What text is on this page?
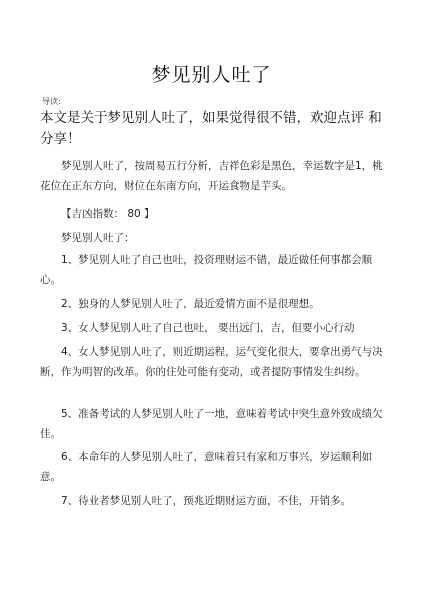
梦见别人吐了
导读:
本文是关于梦见别人吐了，如果觉得很不错，欢迎点评 和分享！
梦见别人吐了，按周易五行分析，吉祥色彩是黑色，幸运数字是1，桃花位在正东方向，财位在东南方向，开运食物是芋头。
【吉凶指数： 80 】
梦见别人吐了：
1、梦见别人吐了自己也吐，投资理财运不错，最近做任何事都会顺心。
2、独身的人梦见别人吐了，最近爱情方面不是很理想。
3、女人梦见别人吐了自己也吐， 要出远门，吉，但要小心行动
4、女人梦见别人吐了，则近期运程，运气变化很大，要拿出勇气与决断，作为明智的改革。你的住处可能有变动，或者提防事情发生纠纷。
5、准备考试的人梦见别人吐了一地，意味着考试中突生意外致成绩欠佳。
6、本命年的人梦见别人吐了，意味着只有家和万事兴，岁运顺利如意。
7、待业者梦见别人吐了，预兆近期财运方面，不佳，开销多。
